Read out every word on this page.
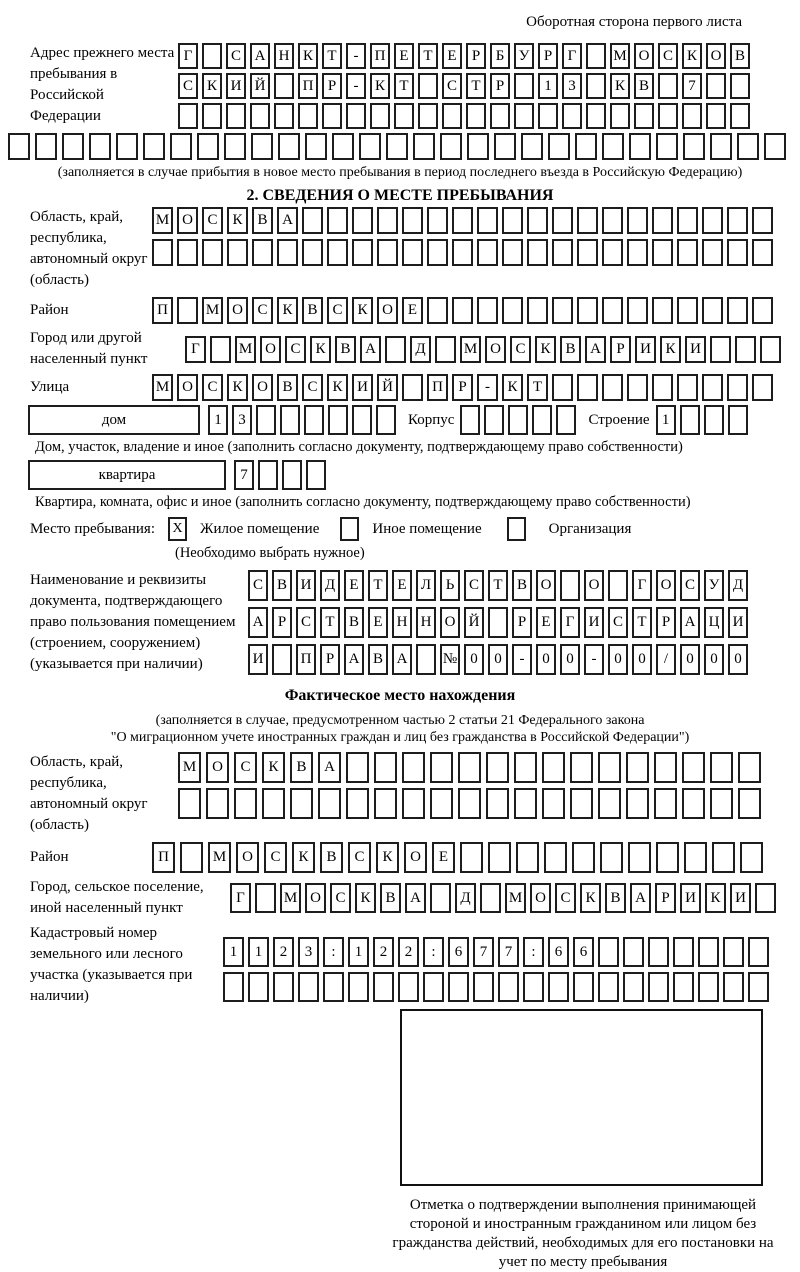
Оборотная сторона первого листа
Адрес прежнего места пребывания в Российской Федерации
Г	С А Н К Т	-	П Е Т Е	Р	Б У Р	Г	М О С К О В
С К И Й	П Р	-	К Т	С Т	Р	1	3	К В	7
(заполняется в случае прибытия в новое место пребывания в период последнего въезда в Российскую Федерацию)
2. СВЕДЕНИЯ О МЕСТЕ ПРЕБЫВАНИЯ
Область, край, республика, автономный округ (область)
М О С К В А
Район	П	М О С К В С К О Е
Город или другой населенный пункт
Г	М О С К В А	Д	М О С К В А	Р	И К И
Улица	М О С К О В С К И Й	П	Р	-	К	Т
дом	1	3	Корпус	Строение 1
Дом, участок, владение и иное (заполнить согласно документу, подтверждающему право собственности)
квартира	7
Квартира, комната, офис и иное (заполнить согласно документу, подтверждающему право собственности)
Место пребывания:	X Жилое помещение	Иное помещение	Организация
(Необходимо выбрать нужное)
Наименование и реквизиты документа, подтверждающего право пользования помещением (строением, сооружением) (указывается при наличии)
С В И Д Е Т Е Л Ь С Т В О	О	Г О С У Д
А Р С Т В Е Н Н О Й	Р	Е	Г И С Т	Р А Ц И
И	П Р А В А	№ 0	0	-	0	0	-	0	0	/	0	0	0
Фактическое место нахождения
(заполняется в случае, предусмотренном частью 2 статьи 21 Федерального закона
"О миграционном учете иностранных граждан и лиц без гражданства в Российской Федерации")
Область, край, республика, автономный округ (область)
М	О	С	К	В	А
Район	П	М	О	С	К	В	С	К	О	Е
Город, сельское поселение, иной населенный пункт
Г	М О С К В А	Д	М О С К В А	Р	И К И
Кадастровый номер земельного или лесного участка (указывается при наличии)
1	1	2	3	:	1	2	2	:	6	7	7	:	6	6
Отметка о подтверждении выполнения принимающей стороной и иностранным гражданином или лицом без гражданства действий, необходимых для его постановки на учет по месту пребывания
